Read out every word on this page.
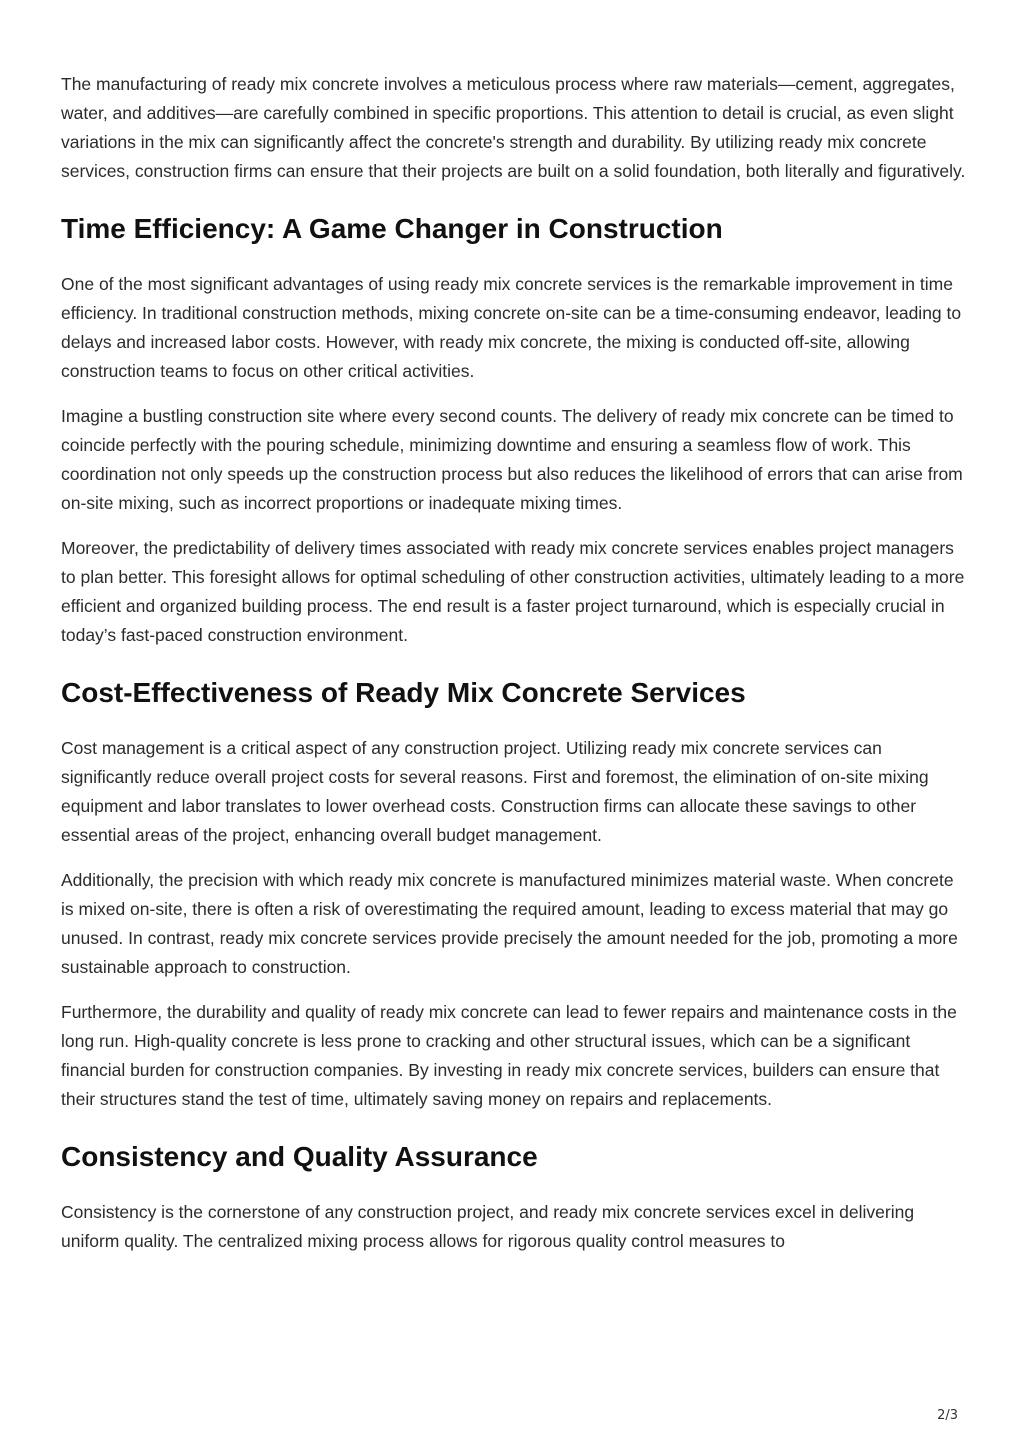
The manufacturing of ready mix concrete involves a meticulous process where raw materials—cement, aggregates, water, and additives—are carefully combined in specific proportions. This attention to detail is crucial, as even slight variations in the mix can significantly affect the concrete's strength and durability. By utilizing ready mix concrete services, construction firms can ensure that their projects are built on a solid foundation, both literally and figuratively.

Time Efficiency: A Game Changer in Construction

One of the most significant advantages of using ready mix concrete services is the remarkable improvement in time efficiency. In traditional construction methods, mixing concrete on-site can be a time-consuming endeavor, leading to delays and increased labor costs. However, with ready mix concrete, the mixing is conducted off-site, allowing construction teams to focus on other critical activities.

Imagine a bustling construction site where every second counts. The delivery of ready mix concrete can be timed to coincide perfectly with the pouring schedule, minimizing downtime and ensuring a seamless flow of work. This coordination not only speeds up the construction process but also reduces the likelihood of errors that can arise from on-site mixing, such as incorrect proportions or inadequate mixing times.

Moreover, the predictability of delivery times associated with ready mix concrete services enables project managers to plan better. This foresight allows for optimal scheduling of other construction activities, ultimately leading to a more efficient and organized building process. The end result is a faster project turnaround, which is especially crucial in today’s fast-paced construction environment.

Cost-Effectiveness of Ready Mix Concrete Services

Cost management is a critical aspect of any construction project. Utilizing ready mix concrete services can significantly reduce overall project costs for several reasons. First and foremost, the elimination of on-site mixing equipment and labor translates to lower overhead costs. Construction firms can allocate these savings to other essential areas of the project, enhancing overall budget management.

Additionally, the precision with which ready mix concrete is manufactured minimizes material waste. When concrete is mixed on-site, there is often a risk of overestimating the required amount, leading to excess material that may go unused. In contrast, ready mix concrete services provide precisely the amount needed for the job, promoting a more sustainable approach to construction.

Furthermore, the durability and quality of ready mix concrete can lead to fewer repairs and maintenance costs in the long run. High-quality concrete is less prone to cracking and other structural issues, which can be a significant financial burden for construction companies. By investing in ready mix concrete services, builders can ensure that their structures stand the test of time, ultimately saving money on repairs and replacements.

Consistency and Quality Assurance

Consistency is the cornerstone of any construction project, and ready mix concrete services excel in delivering uniform quality. The centralized mixing process allows for rigorous quality control measures to

2/3
